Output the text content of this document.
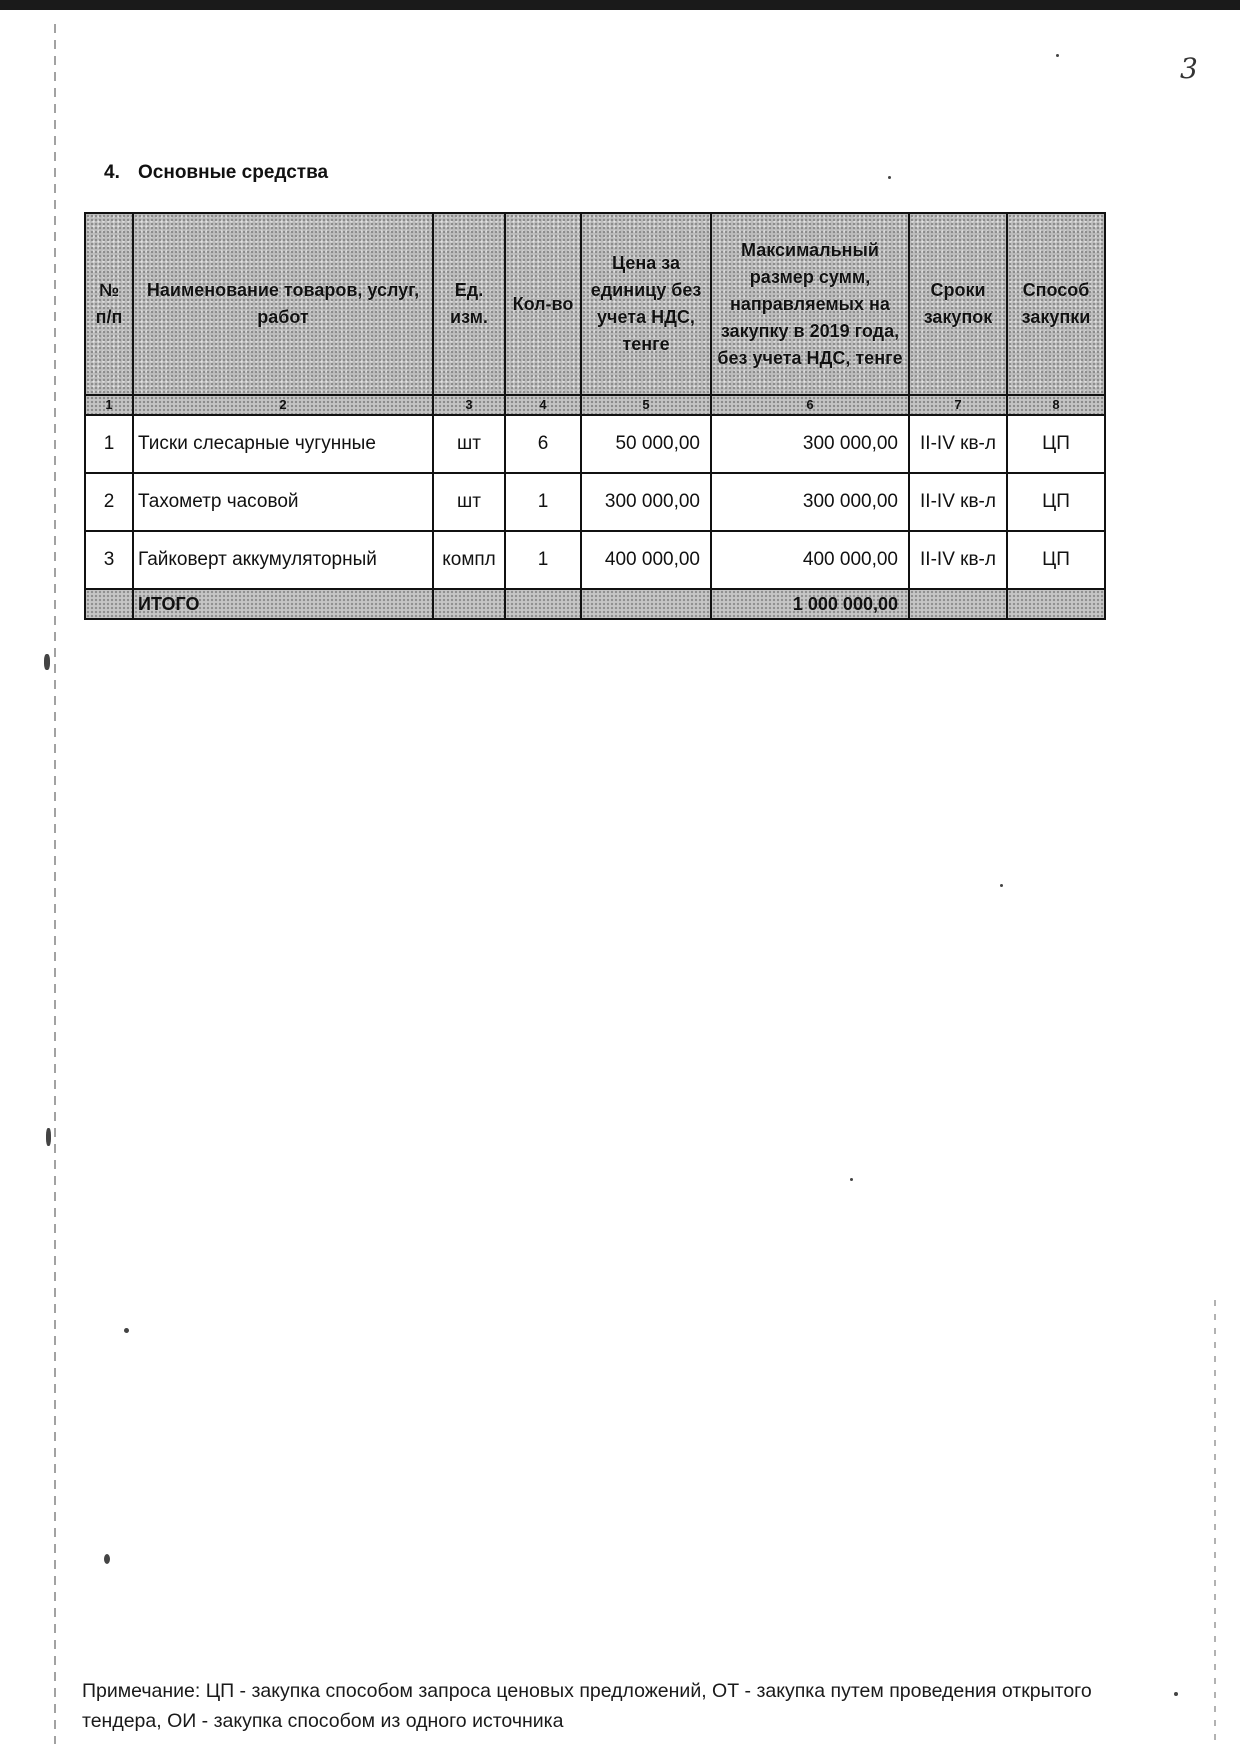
3
4. Основные средства
№ п/п	Наименование товаров, услуг, работ	Ед. изм.	Кол-во	Цена за единицу без учета НДС, тенге	Максимальный размер сумм, направляемых на закупку в 2019 года, без учета НДС, тенге	Сроки закупок	Способ закупки
1	2	3	4	5	6	7	8
1	Тиски слесарные чугунные	шт	6	50 000,00	300 000,00	II-IV кв-л	ЦП
2	Тахометр часовой	шт	1	300 000,00	300 000,00	II-IV кв-л	ЦП
3	Гайковерт аккумуляторный	компл	1	400 000,00	400 000,00	II-IV кв-л	ЦП
	ИТОГО				1 000 000,00		
Примечание: ЦП - закупка способом запроса ценовых предложений, ОТ - закупка путем проведения открытого тендера, ОИ - закупка способом из одного источника
